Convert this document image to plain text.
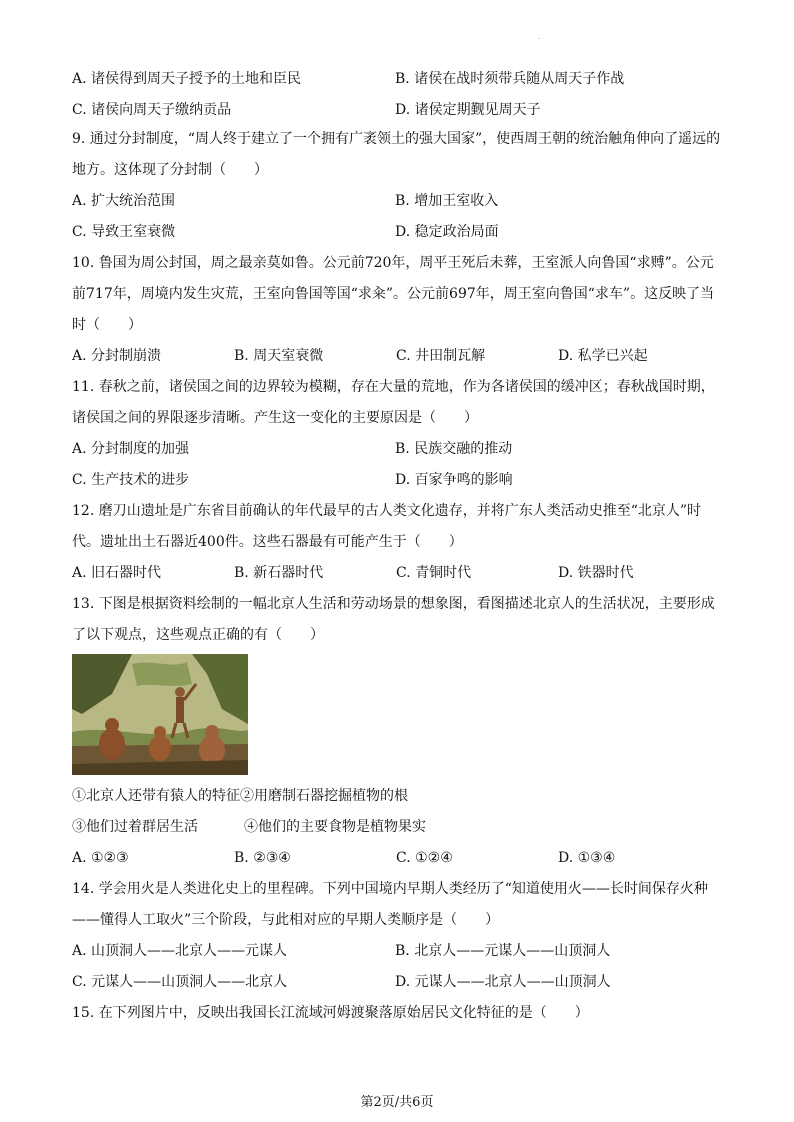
.
A. 诸侯得到周天子授予的土地和臣民	B. 诸侯在战时须带兵随从周天子作战
C. 诸侯向周天子缴纳贡品	D. 诸侯定期觐见周天子
9. 通过分封制度，“周人终于建立了一个拥有广袤领土的强大国家”，使西周王朝的统治触角伸向了遥远的地方。这体现了分封制（　　）
A. 扩大统治范围	B. 增加王室收入
C. 导致王室衰微	D. 稳定政治局面
10. 鲁国为周公封国，周之最亲莫如鲁。公元前720年，周平王死后未葬，王室派人向鲁国“求赙”。公元前717年，周境内发生灾荒，王室向鲁国等国“求籴”。公元前697年，周王室向鲁国“求车”。这反映了当时（　　）
A. 分封制崩溃	B. 周天室衰微	C. 井田制瓦解	D. 私学已兴起
11. 春秋之前，诸侯国之间的边界较为模糊，存在大量的荒地，作为各诸侯国的缓冲区；春秋战国时期，诸侯国之间的界限逐步清晰。产生这一变化的主要原因是（　　）
A. 分封制度的加强	B. 民族交融的推动
C. 生产技术的进步	D. 百家争鸣的影响
12. 磨刀山遗址是广东省目前确认的年代最早的古人类文化遗存，并将广东人类活动史推至“北京人”时代。遗址出土石器近400件。这些石器最有可能产生于（　　）
A. 旧石器时代	B. 新石器时代	C. 青铜时代	D. 铁器时代
13. 下图是根据资料绘制的一幅北京人生活和劳动场景的想象图，看图描述北京人的生活状况，主要形成了以下观点，这些观点正确的有（　　）
①北京人还带有猿人的特征②用磨制石器挖掘植物的根
③他们过着群居生活	④他们的主要食物是植物果实
A. ①②③	B. ②③④	C. ①②④	D. ①③④
14. 学会用火是人类进化史上的里程碑。下列中国境内早期人类经历了“知道使用火——长时间保存火种——懂得人工取火”三个阶段，与此相对应的早期人类顺序是（　　）
A. 山顶洞人——北京人——元谋人	B. 北京人——元谋人——山顶洞人
C. 元谋人——山顶洞人——北京人	D. 元谋人——北京人——山顶洞人
15. 在下列图片中，反映出我国长江流域河姆渡聚落原始居民文化特征的是（　　）
第2页/共6页
